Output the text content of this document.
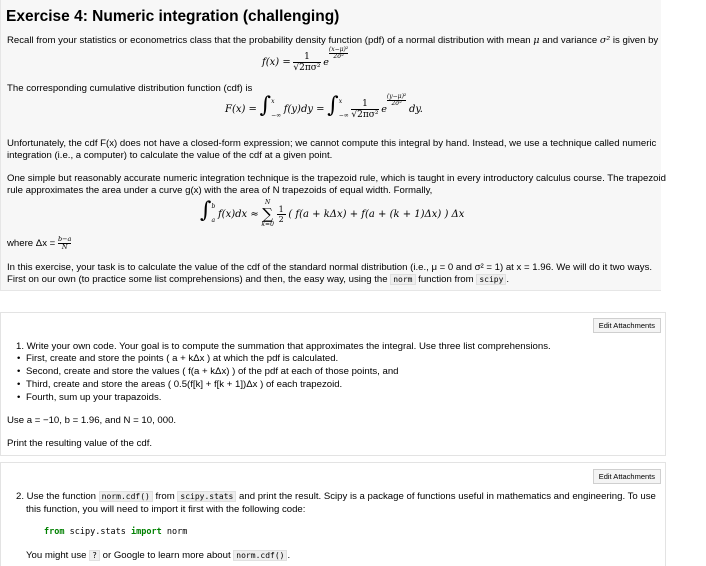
Exercise 4: Numeric integration (challenging)
Recall from your statistics or econometrics class that the probability density function (pdf) of a normal distribution with mean μ and variance σ² is given by
$f(x) = \frac{1}{\text{√2πσ²}}$ e
$\frac{\text{(x−μ)²}}{\text{2σ²}}$
The corresponding cumulative distribution function (cdf) is
F(x) = ∫ x
−∞
f(y)dy = ∫ x
−∞
$\frac{1}{\text{√2πσ²}}$ e
$\frac{\text{(y−μ)²}}{\text{2σ²}}$ dy.
Unfortunately, the cdf F(x) does not have a closed-form expression; we cannot compute this integral by hand. Instead, we use a technique called numeric
integration (i.e., a computer) to calculate the value of the cdf at a given point.
One simple but reasonably accurate numeric integration technique is the trapezoid rule, which is taught in every introductory calculus course. The trapezoid
rule approximates the area under a curve g(x) with the area of N trapezoids of equal width. Formally,
∫ b
a
f(x)dx ≈
N
∑
k=0

$\frac{1}{2}$ ( f(a + kΔx) + f(a + (k + 1)Δx) ) Δx
where $\Delta x = \frac{b-a}{N}$
In this exercise, your task is to calculate the value of the cdf of the standard normal distribution (i.e., μ = 0 and σ² = 1) at x = 1.96. We will do it two ways.
First on our own (to practice some list comprehensions) and then, the easy way, using the norm function from scipy .
Edit Attachments
1. Write your own code. Your goal is to compute the summation that approximates the integral. Use three list comprehensions.
• First, create and store the points ( a + kΔx ) at which the pdf is calculated.
• Second, create and store the values ( f(a + kΔx) ) of the pdf at each of those points, and
• Third, create and store the areas ( 0.5(f[k] + f[k + 1])Δx ) of each trapezoid.
• Fourth, sum up your trapazoids.
Use a = −10, b = 1.96, and N = 10, 000.
Print the resulting value of the cdf.
Edit Attachments
2. Use the function norm.cdf() from scipy.stats and print the result. Scipy is a package of functions useful in mathematics and engineering. To use
this function, you will need to import it first with the following code:
from scipy.stats import norm
You might use ? or Google to learn more about norm.cdf() .
